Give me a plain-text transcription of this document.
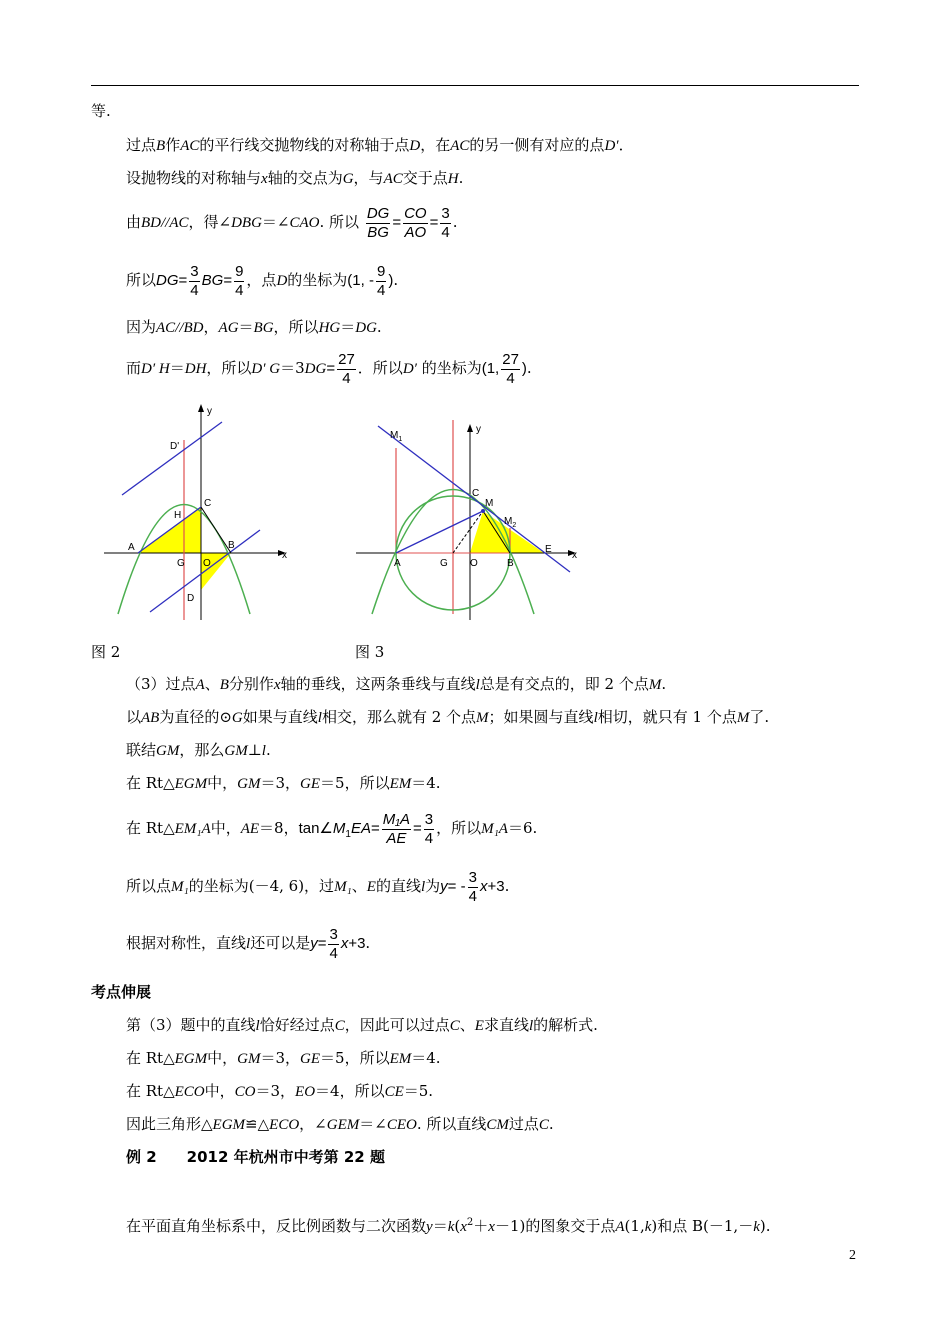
等.
过点B作AC的平行线交抛物线的对称轴于点D，在AC的另一侧有对应的点D′．
设抛物线的对称轴与x轴的交点为G，与AC交于点H.
由BD//AC，得∠DBG＝∠CAO. 所以 $\frac{DG}{BG} = \frac{CO}{AO} = \frac{3}{4}$ .
所以$DG= \frac{3}{4} BG= \frac{9}{4}$ ，点D的坐标为(1, - $\frac{9}{4}$ ).
因为AC//BD，AG＝BG，所以HG＝DG.
而D′ H＝DH，所以D′ $G=3DG= \frac{27}{4}$ ．所以D′ 的坐标为(1, $\frac{27}{4}$ ).
y
x
D'
C
H
A	B
G O
D
y
x
$M_1$
C
M
$M_2$
A	G O	B
E
图 2	图 3
（3）过点A、B分别作x轴的垂线，这两条垂线与直线l总是有交点的，即 2 个点M.
以AB为直径的⊙G如果与直线l相交，那么就有 2 个点M；如果圆与直线l相切，就只有 1 个点M了.
联结GM，那么GM⊥l.
在 Rt△EGM中，GM＝3，GE＝5，所以EM＝4.
在 Rt△EM₁A中，AE＝8，$\tan\angle M_1EA= \frac{\text{M₁A}}{AE} = \frac{3}{4}$ ，所以M₁A＝6.
所以点M₁的坐标为(－4, 6)，过M₁、E的直线l为$y= - \frac{3}{4} x+3$.
根据对称性，直线l还可以是$y= \frac{3}{4} x+3$.
考点伸展
第（3）题中的直线l恰好经过点C，因此可以过点C、E求直线l的解析式.
在 Rt△EGM中，GM＝3，GE＝5，所以EM＝4.
在 Rt△ECO中，CO＝3，EO＝4，所以CE＝5.
因此三角形△EGM≌△ECO，∠GEM＝∠CEO. 所以直线CM过点C.
例 2　　2012 年杭州市中考第 22 题
在平面直角坐标系中，反比例函数与二次函数$y=k(x^2+x-1)$的图象交于点A(1,k)和点 B(－1,－k).
2
